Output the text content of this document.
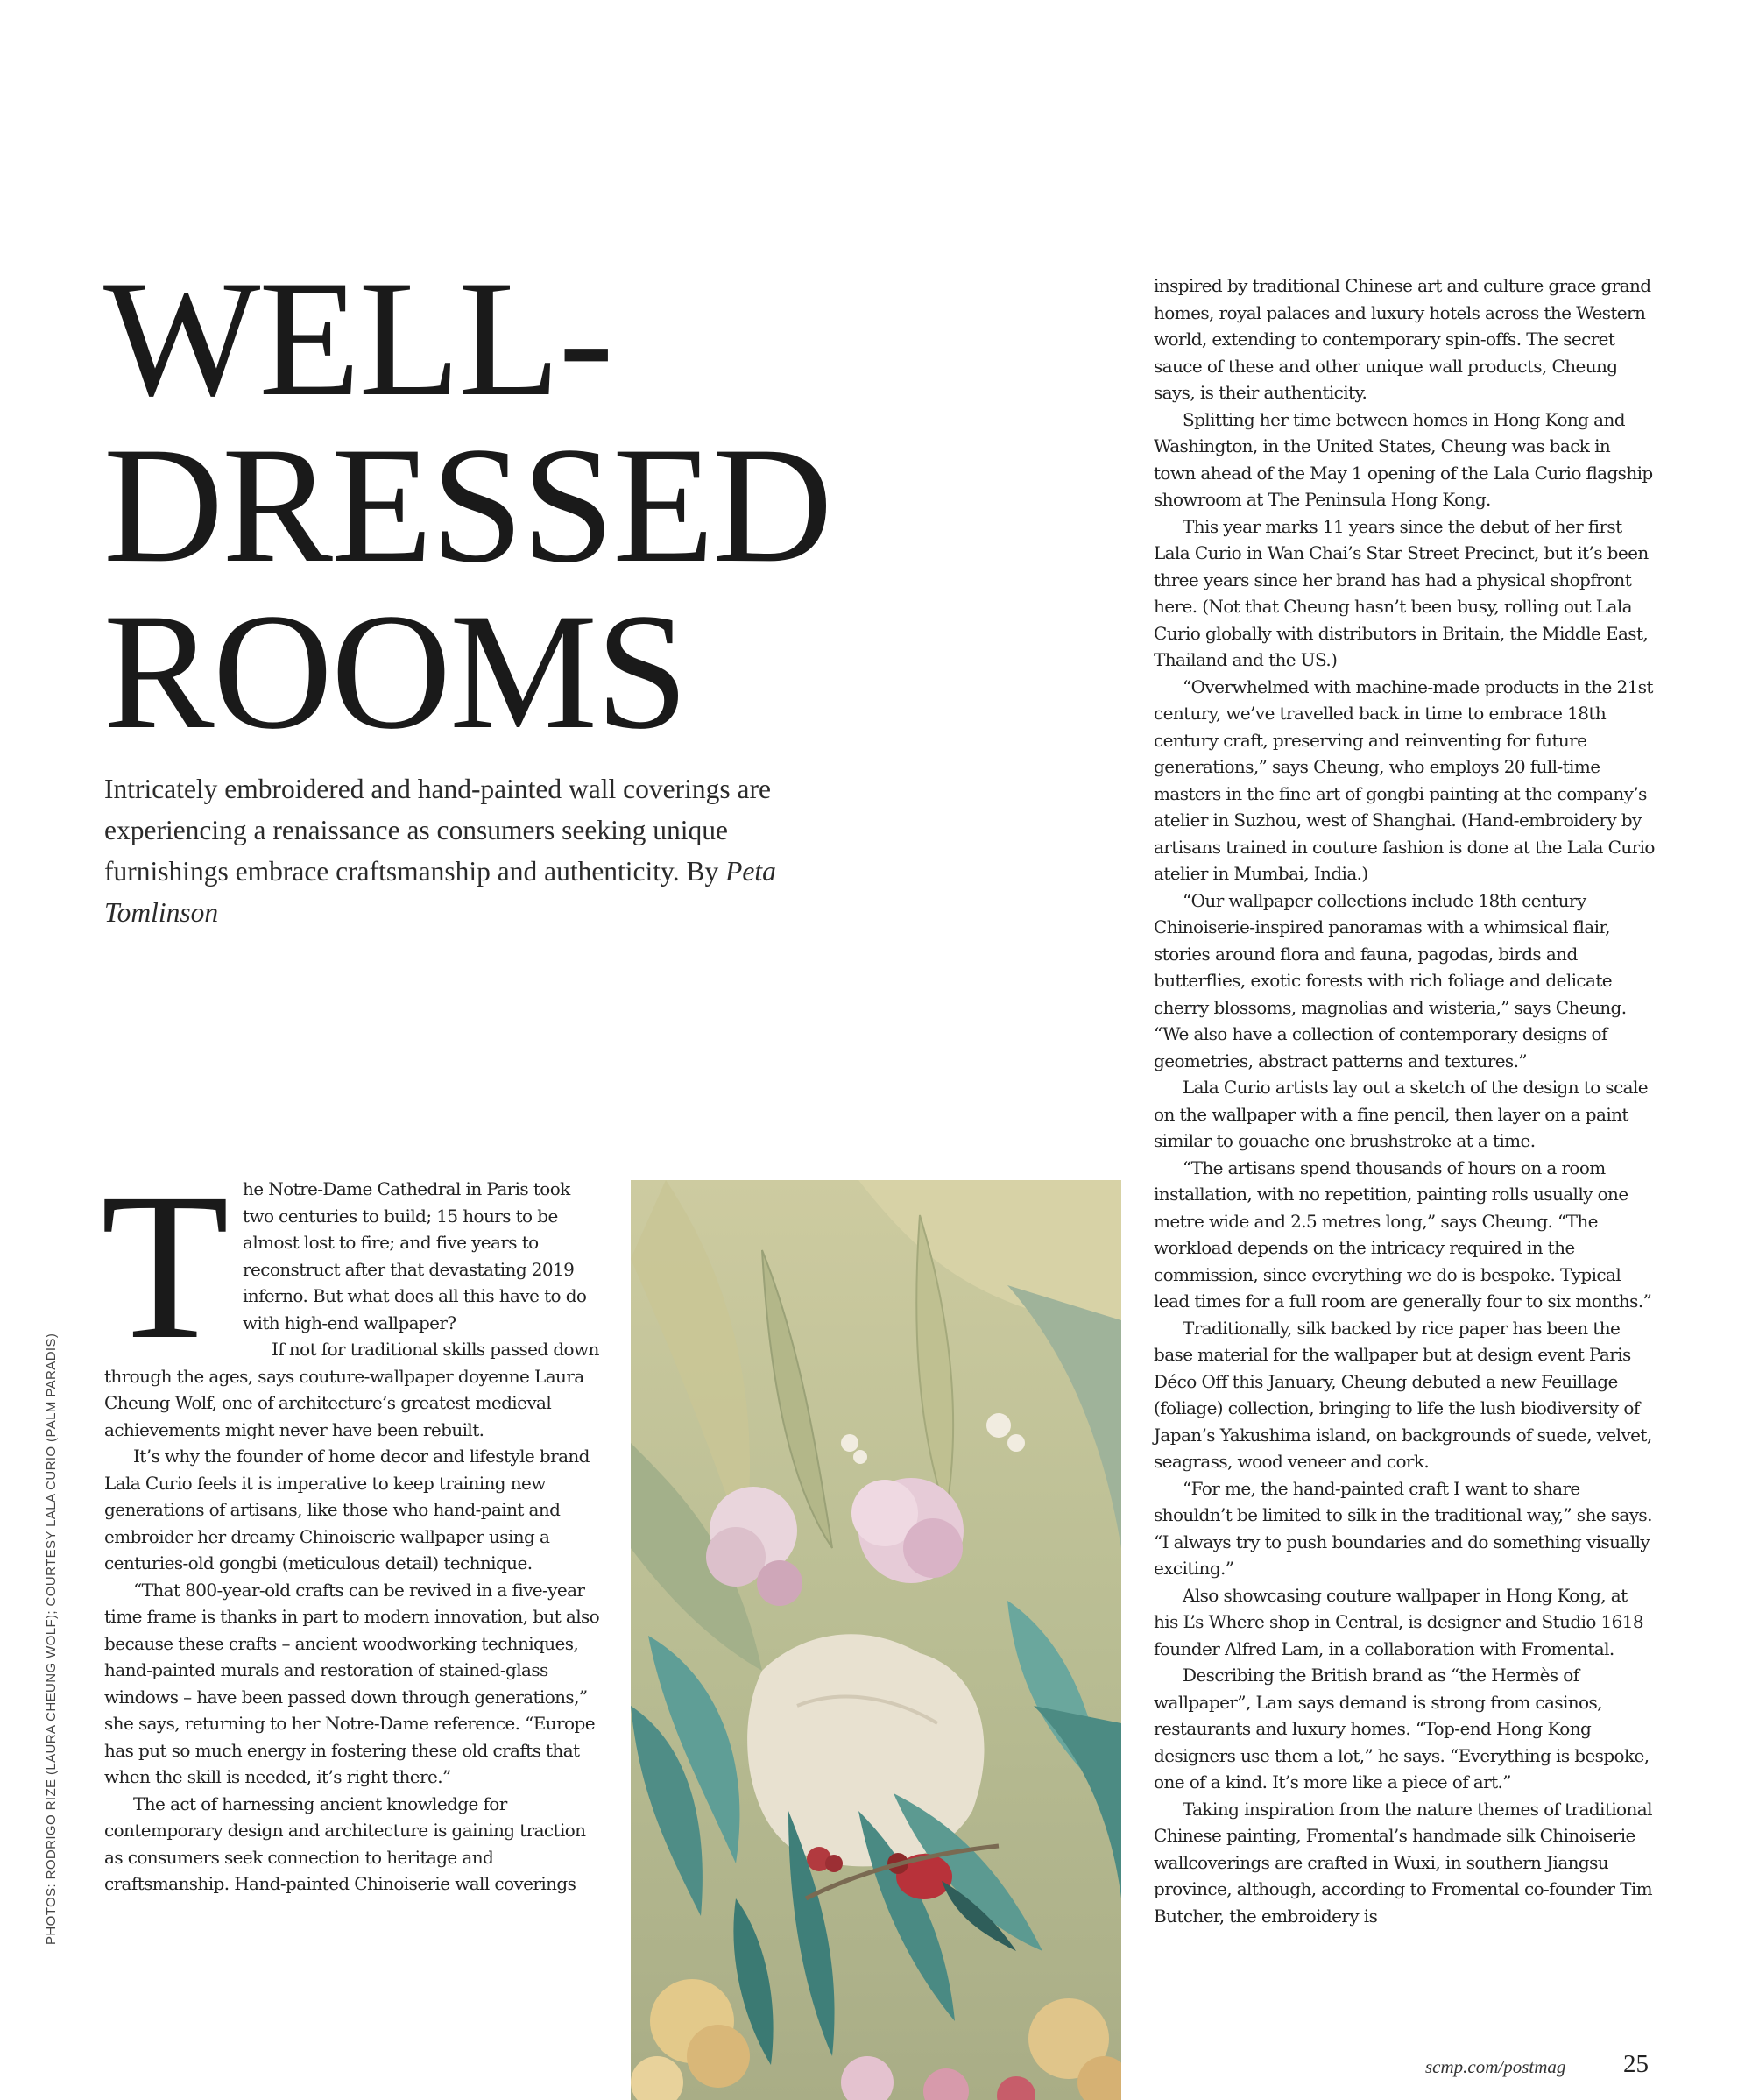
WELL-
DRESSED
ROOMS

Intricately embroidered and hand-painted wall coverings are experiencing a renaissance as consumers seeking unique furnishings embrace craftsmanship and authenticity. By Peta Tomlinson

PHOTOS: RODRIGO RIZE (LAURA CHEUNG WOLF); COURTESY LALA CURIO (PALM PARADIS)
T he Notre-Dame Cathedral in Paris took two centuries to build; 15 hours to be almost lost to fire; and five years to reconstruct after that devastating 2019 inferno. But what does all this have to do with high-end wallpaper?

If not for traditional skills passed down through the ages, says couture-wallpaper doyenne Laura Cheung Wolf, one of architecture’s greatest medieval achievements might never have been rebuilt.

It’s why the founder of home decor and lifestyle brand Lala Curio feels it is imperative to keep training new generations of artisans, like those who hand-paint and embroider her dreamy Chinoiserie wallpaper using a centuries-old gongbi (meticulous detail) technique.

“That 800-year-old crafts can be revived in a five-year time frame is thanks in part to modern innovation, but also because these crafts – ancient woodworking techniques, hand-painted murals and restoration of stained-glass windows – have been passed down through generations,” she says, returning to her Notre-Dame reference. “Europe has put so much energy in fostering these old crafts that when the skill is needed, it’s right there.”

The act of harnessing ancient knowledge for contemporary design and architecture is gaining traction as consumers seek connection to heritage and craftsmanship. Hand-painted Chinoiserie wall coverings

inspired by traditional Chinese art and culture grace grand homes, royal palaces and luxury hotels across the Western world, extending to contemporary spin-offs. The secret sauce of these and other unique wall products, Cheung says, is their authenticity.

Splitting her time between homes in Hong Kong and Washington, in the United States, Cheung was back in town ahead of the May 1 opening of the Lala Curio flagship showroom at The Peninsula Hong Kong.

This year marks 11 years since the debut of her first Lala Curio in Wan Chai’s Star Street Precinct, but it’s been three years since her brand has had a physical shopfront here. (Not that Cheung hasn’t been busy, rolling out Lala Curio globally with distributors in Britain, the Middle East, Thailand and the US.)

“Overwhelmed with machine-made products in the 21st century, we’ve travelled back in time to embrace 18th century craft, preserving and reinventing for future generations,” says Cheung, who employs 20 full-time masters in the fine art of gongbi painting at the company’s atelier in Suzhou, west of Shanghai. (Hand-embroidery by artisans trained in couture fashion is done at the Lala Curio atelier in Mumbai, India.)

“Our wallpaper collections include 18th century Chinoiserie-inspired panoramas with a whimsical flair, stories around flora and fauna, pagodas, birds and butterflies, exotic forests with rich foliage and delicate cherry blossoms, magnolias and wisteria,” says Cheung. “We also have a collection of contemporary designs of geometries, abstract patterns and textures.”

Lala Curio artists lay out a sketch of the design to scale on the wallpaper with a fine pencil, then layer on a paint similar to gouache one brushstroke at a time.

“The artisans spend thousands of hours on a room installation, with no repetition, painting rolls usually one metre wide and 2.5 metres long,” says Cheung. “The workload depends on the intricacy required in the commission, since everything we do is bespoke. Typical lead times for a full room are generally four to six months.”

Traditionally, silk backed by rice paper has been the base material for the wallpaper but at design event Paris Déco Off this January, Cheung debuted a new Feuillage (foliage) collection, bringing to life the lush biodiversity of Japan’s Yakushima island, on backgrounds of suede, velvet, seagrass, wood veneer and cork.

“For me, the hand-painted craft I want to share shouldn’t be limited to silk in the traditional way,” she says. “I always try to push boundaries and do something visually exciting.”

Also showcasing couture wallpaper in Hong Kong, at his L’s Where shop in Central, is designer and Studio 1618 founder Alfred Lam, in a collaboration with Fromental.

Describing the British brand as “the Hermès of wallpaper”, Lam says demand is strong from casinos, restaurants and luxury homes. “Top-end Hong Kong designers use them a lot,” he says. “Everything is bespoke, one of a kind. It’s more like a piece of art.”

Taking inspiration from the nature themes of traditional Chinese painting, Fromental’s handmade silk Chinoiserie wallcoverings are crafted in Wuxi, in southern Jiangsu province, although, according to Fromental co-founder Tim Butcher, the embroidery is

scmp.com/postmag 25
